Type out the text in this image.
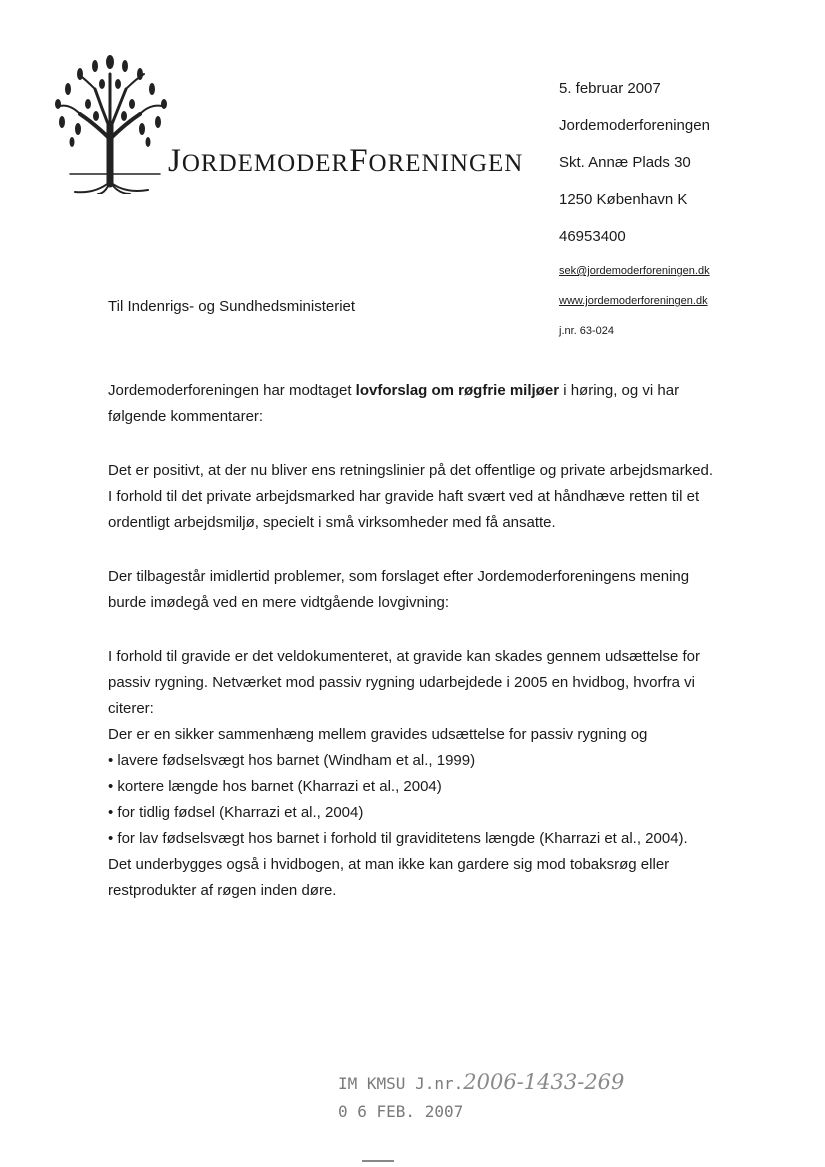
JORDEMODERFORENINGEN
5. februar 2007
Jordemoderforeningen
Skt. Annæ Plads 30
1250 København K
46953400
sek@jordemoderforeningen.dk
www.jordemoderforeningen.dk
j.nr. 63-024
Til Indenrigs- og Sundhedsministeriet

Jordemoderforeningen har modtaget lovforslag om røgfrie miljøer i høring, og vi har følgende kommentarer:

Det er positivt, at der nu bliver ens retningslinier på det offentlige og private arbejdsmarked.
I forhold til det private arbejdsmarked har gravide haft svært ved at håndhæve retten til et ordentligt arbejdsmiljø, specielt i små virksomheder med få ansatte.

Der tilbagestår imidlertid problemer, som forslaget efter Jordemoderforeningens mening burde imødegå ved en mere vidtgående lovgivning:

I forhold til gravide er det veldokumenteret, at gravide kan skades gennem udsættelse for passiv rygning. Netværket mod passiv rygning udarbejdede i 2005 en hvidbog, hvorfra vi citerer:
Der er en sikker sammenhæng mellem gravides udsættelse for passiv rygning og
• lavere fødselsvægt hos barnet (Windham et al., 1999)
• kortere længde hos barnet (Kharrazi et al., 2004)
• for tidlig fødsel (Kharrazi et al., 2004)
• for lav fødselsvægt hos barnet i forhold til graviditetens længde (Kharrazi et al., 2004).
Det underbygges også i hvidbogen, at man ikke kan gardere sig mod tobaksrøg eller restprodukter af røgen inden døre.
IM KMSU J.nr.2006-1433-269
0 6 FEB. 2007
